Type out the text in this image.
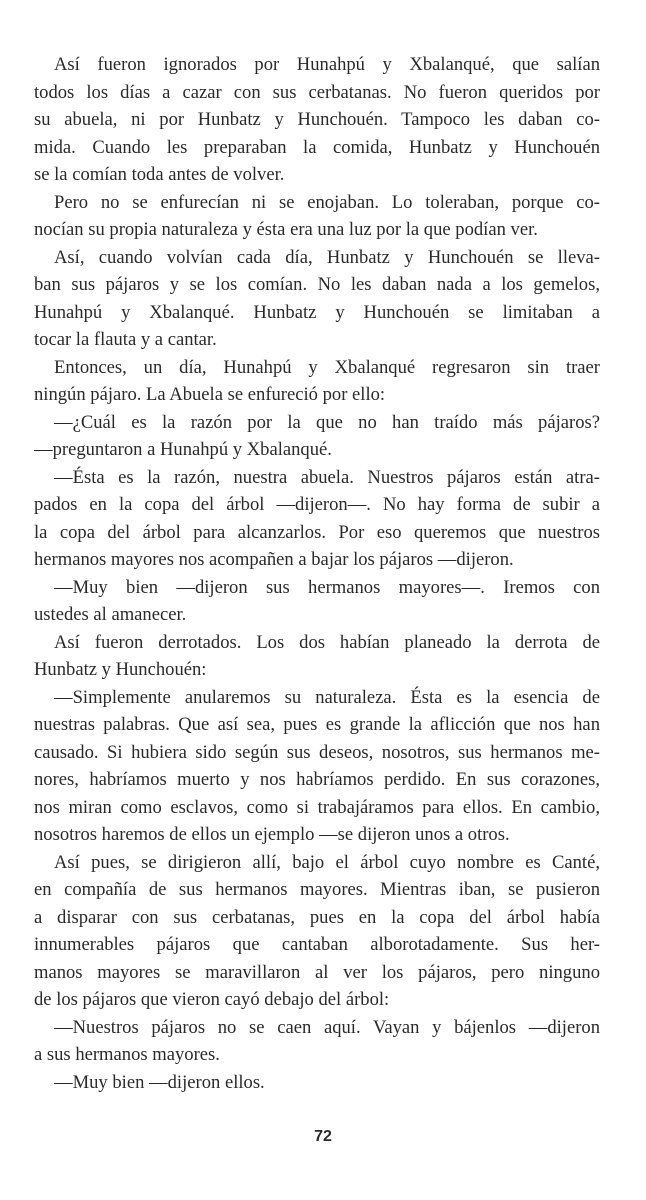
Así fueron ignorados por Hunahpú y Xbalanqué, que salían
todos los días a cazar con sus cerbatanas. No fueron queridos por
su abuela, ni por Hunbatz y Hunchouén. Tampoco les daban co-
mida. Cuando les preparaban la comida, Hunbatz y Hunchouén
se la comían toda antes de volver.
Pero no se enfurecían ni se enojaban. Lo toleraban, porque co-
nocían su propia naturaleza y ésta era una luz por la que podían ver.
Así, cuando volvían cada día, Hunbatz y Hunchouén se lleva-
ban sus pájaros y se los comían. No les daban nada a los gemelos,
Hunahpú y Xbalanqué. Hunbatz y Hunchouén se limitaban a
tocar la flauta y a cantar.
Entonces, un día, Hunahpú y Xbalanqué regresaron sin traer
ningún pájaro. La Abuela se enfureció por ello:
—¿Cuál es la razón por la que no han traído más pájaros?
—preguntaron a Hunahpú y Xbalanqué.
—Ésta es la razón, nuestra abuela. Nuestros pájaros están atra-
pados en la copa del árbol —dijeron—. No hay forma de subir a
la copa del árbol para alcanzarlos. Por eso queremos que nuestros
hermanos mayores nos acompañen a bajar los pájaros —dijeron.
—Muy bien —dijeron sus hermanos mayores—. Iremos con
ustedes al amanecer.
Así fueron derrotados. Los dos habían planeado la derrota de
Hunbatz y Hunchouén:
—Simplemente anularemos su naturaleza. Ésta es la esencia de
nuestras palabras. Que así sea, pues es grande la aflicción que nos han
causado. Si hubiera sido según sus deseos, nosotros, sus hermanos me-
nores, habríamos muerto y nos habríamos perdido. En sus corazones,
nos miran como esclavos, como si trabajáramos para ellos. En cambio,
nosotros haremos de ellos un ejemplo —se dijeron unos a otros.
Así pues, se dirigieron allí, bajo el árbol cuyo nombre es Canté,
en compañía de sus hermanos mayores. Mientras iban, se pusieron
a disparar con sus cerbatanas, pues en la copa del árbol había
innumerables pájaros que cantaban alborotadamente. Sus her-
manos mayores se maravillaron al ver los pájaros, pero ninguno
de los pájaros que vieron cayó debajo del árbol:
—Nuestros pájaros no se caen aquí. Vayan y bájenlos —dijeron
a sus hermanos mayores.
—Muy bien —dijeron ellos.
72
